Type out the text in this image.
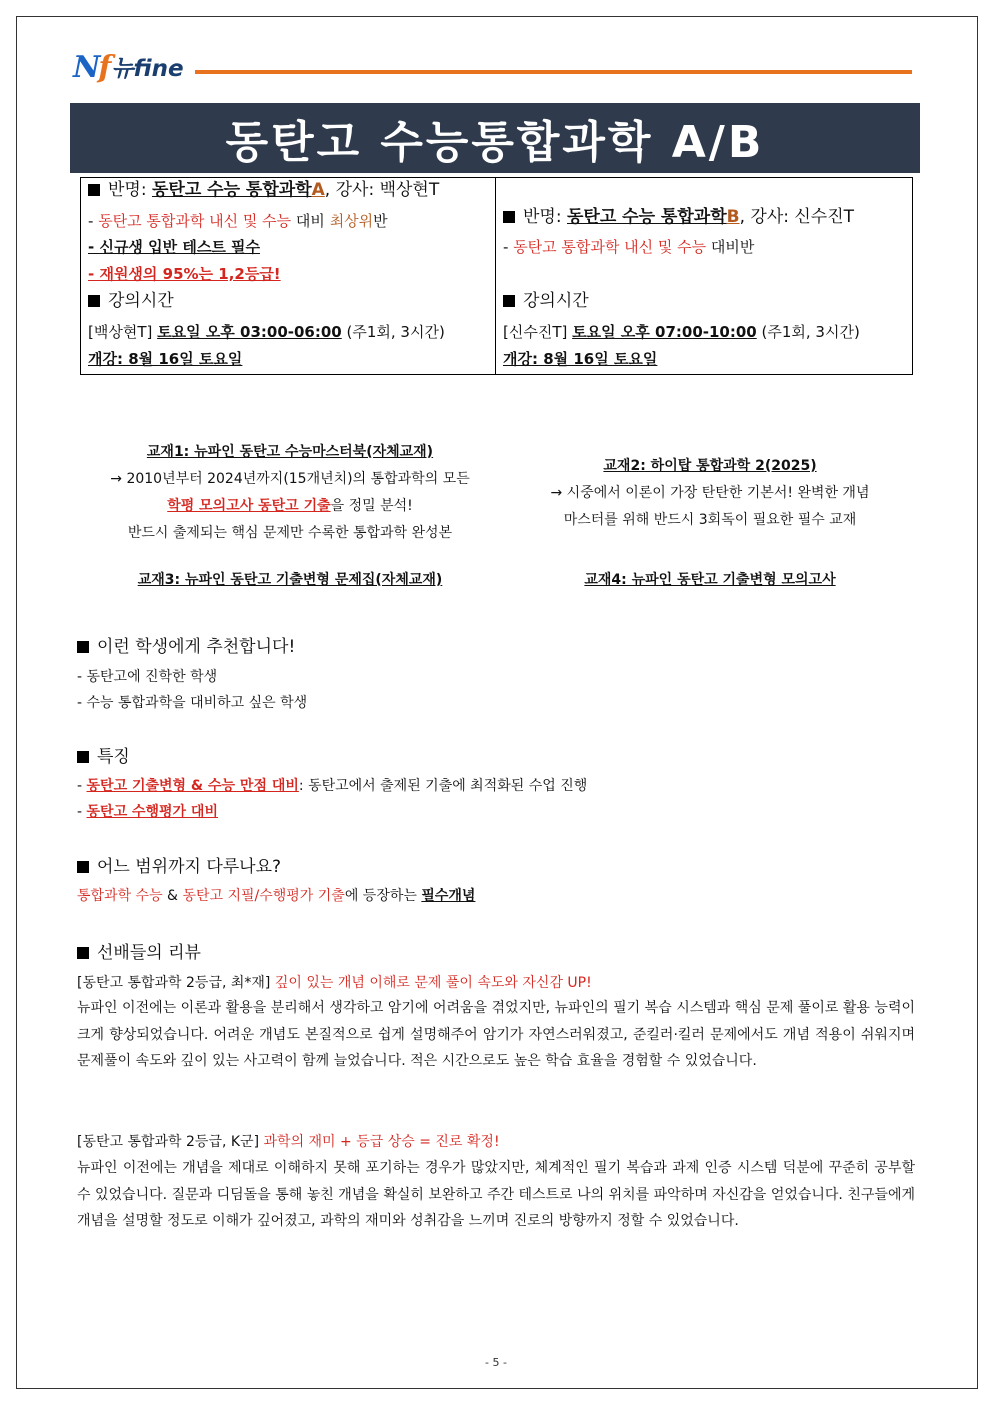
Nf 뉴fine
동탄고 수능통합과학 A/B
반명: 동탄고 수능 통합과학A, 강사: 백상현T
- 동탄고 통합과학 내신 및 수능 대비 최상위반
- 신규생 입반 테스트 필수
- 재원생의 95%는 1,2등급!
강의시간
[백상현T] 토요일 오후 03:00-06:00 (주1회, 3시간)
개강: 8월 16일 토요일
반명: 동탄고 수능 통합과학B, 강사: 신수진T
- 동탄고 통합과학 내신 및 수능 대비반
강의시간
[신수진T] 토요일 오후 07:00-10:00 (주1회, 3시간)
개강: 8월 16일 토요일
교재1: 뉴파인 동탄고 수능마스터북(자체교재)
→ 2010년부터 2024년까지(15개년치)의 통합과학의 모든
학평 모의고사 동탄고 기출을 정밀 분석!
반드시 출제되는 핵심 문제만 수록한 통합과학 완성본
교재2: 하이탑 통합과학 2(2025)
→ 시중에서 이론이 가장 탄탄한 기본서! 완벽한 개념
마스터를 위해 반드시 3회독이 필요한 필수 교재
교재3: 뉴파인 동탄고 기출변형 문제집(자체교재)	교재4: 뉴파인 동탄고 기출변형 모의고사
이런 학생에게 추천합니다!
- 동탄고에 진학한 학생
- 수능 통합과학을 대비하고 싶은 학생
특징
- 동탄고 기출변형 & 수능 만점 대비: 동탄고에서 출제된 기출에 최적화된 수업 진행
- 동탄고 수행평가 대비
어느 범위까지 다루나요?
통합과학 수능 & 동탄고 지필/수행평가 기출에 등장하는 필수개념
선배들의 리뷰
[동탄고 통합과학 2등급, 최*재] 깊이 있는 개념 이해로 문제 풀이 속도와 자신감 UP!
뉴파인 이전에는 이론과 활용을 분리해서 생각하고 암기에 어려움을 겪었지만, 뉴파인의 필기 복습 시스템과 핵심 문제 풀이로 활용 능력이 크게 향상되었습니다. 어려운 개념도 본질적으로 쉽게 설명해주어 암기가 자연스러워졌고, 준킬러·킬러 문제에서도 개념 적용이 쉬워지며 문제풀이 속도와 깊이 있는 사고력이 함께 늘었습니다. 적은 시간으로도 높은 학습 효율을 경험할 수 있었습니다.
[동탄고 통합과학 2등급, K군] 과학의 재미 + 등급 상승 = 진로 확정!
뉴파인 이전에는 개념을 제대로 이해하지 못해 포기하는 경우가 많았지만, 체계적인 필기 복습과 과제 인증 시스템 덕분에 꾸준히 공부할 수 있었습니다. 질문과 디딤돌을 통해 놓친 개념을 확실히 보완하고 주간 테스트로 나의 위치를 파악하며 자신감을 얻었습니다. 친구들에게 개념을 설명할 정도로 이해가 깊어졌고, 과학의 재미와 성취감을 느끼며 진로의 방향까지 정할 수 있었습니다.
- 5 -
